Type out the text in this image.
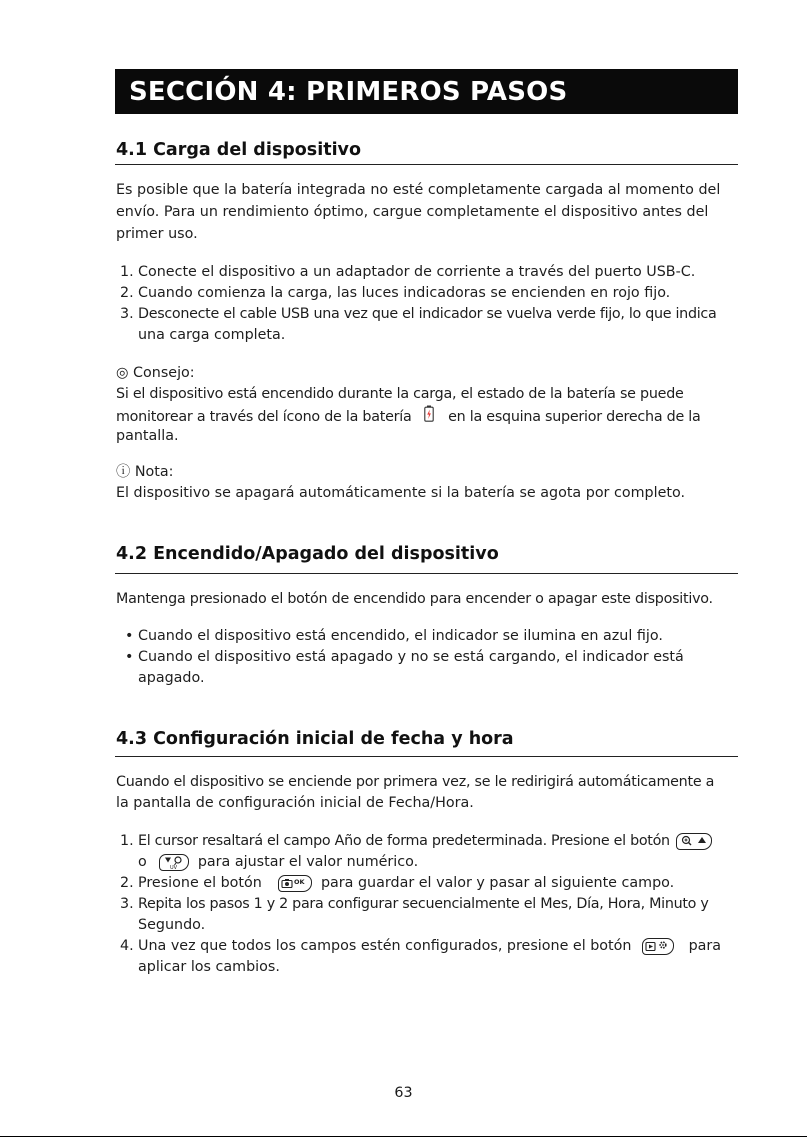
SECCIÓN 4: PRIMEROS PASOS
4.1 Carga del dispositivo
Es posible que la batería integrada no esté completamente cargada al momento del
envío. Para un rendimiento óptimo, cargue completamente el dispositivo antes del
primer uso.
1. Conecte el dispositivo a un adaptador de corriente a través del puerto USB-C.
2. Cuando comienza la carga, las luces indicadoras se encienden en rojo fijo.
3. Desconecte el cable USB una vez que el indicador se vuelva verde fijo, lo que indica
una carga completa.
◎ Consejo:
Si el dispositivo está encendido durante la carga, el estado de la batería se puede
monitorear a través del ícono de la batería	en la esquina superior derecha de la
pantalla.
ⓘ Nota:
El dispositivo se apagará automáticamente si la batería se agota por completo.
4.2 Encendido/Apagado del dispositivo
Mantenga presionado el botón de encendido para encender o apagar este dispositivo.
• Cuando el dispositivo está encendido, el indicador se ilumina en azul fijo.
• Cuando el dispositivo está apagado y no se está cargando, el indicador está
apagado.
4.3 Configuración inicial de fecha y hora
Cuando el dispositivo se enciende por primera vez, se le redirigirá automáticamente a
la pantalla de configuración inicial de Fecha/Hora.
1. El cursor resaltará el campo Año de forma predeterminada. Presione el botón
o	UV para ajustar el valor numérico.
2. Presione el botón	OK para guardar el valor y pasar al siguiente campo.
3. Repita los pasos 1 y 2 para configurar secuencialmente el Mes, Día, Hora, Minuto y
Segundo.
4. Una vez que todos los campos estén configurados, presione el botón	para
aplicar los cambios.
63
